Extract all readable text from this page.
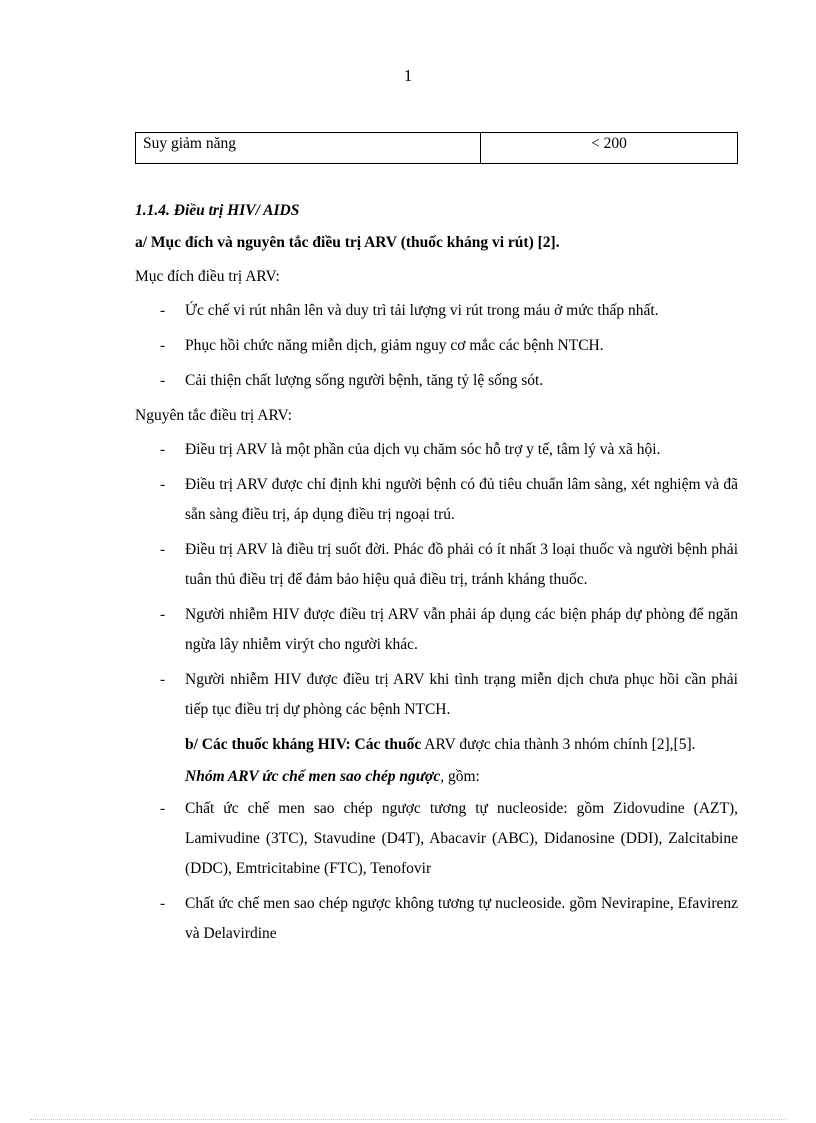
1
Suy giảm năng	< 200

1.1.4. Điều trị HIV/ AIDS

a/ Mục đích và nguyên tắc điều trị ARV (thuốc kháng vi rút) [2].

Mục đích điều trị ARV:

- Ức chế vi rút nhân lên và duy trì tải lượng vi rút trong máu ở mức thấp nhất.
- Phục hồi chức năng miễn dịch, giảm nguy cơ mắc các bệnh NTCH.
- Cải thiện chất lượng sống người bệnh, tăng tỷ lệ sống sót.

Nguyên tắc điều trị ARV:

- Điều trị ARV là một phần của dịch vụ chăm sóc hỗ trợ y tế, tâm lý và xã hội.
- Điều trị ARV được chỉ định khi người bệnh có đủ tiêu chuẩn lâm sàng, xét nghiệm và đã sẵn sàng điều trị, áp dụng điều trị ngoại trú.
- Điều trị ARV là điều trị suốt đời. Phác đồ phải có ít nhất 3 loại thuốc và người bệnh phải tuân thủ điều trị để đảm bảo hiệu quả điều trị, tránh kháng thuốc.
- Người nhiễm HIV được điều trị ARV vẫn phải áp dụng các biện pháp dự phòng để ngăn ngừa lây nhiễm virýt cho người khác.
- Người nhiễm HIV được điều trị ARV khi tình trạng miễn dịch chưa phục hồi cần phải tiếp tục điều trị dự phòng các bệnh NTCH.

b/ Các thuốc kháng HIV: Các thuốc ARV được chia thành 3 nhóm chính [2],[5].

Nhóm ARV ức chế men sao chép ngược, gồm:

- Chất ức chế men sao chép ngược tương tự nucleoside: gồm Zidovudine (AZT), Lamivudine (3TC), Stavudine (D4T), Abacavir (ABC), Didanosine (DDI), Zalcitabine (DDC), Emtricitabine (FTC), Tenofovir
- Chất ức chế men sao chép ngược không tương tự nucleoside. gồm Nevirapine, Efavirenz và Delavirdine
